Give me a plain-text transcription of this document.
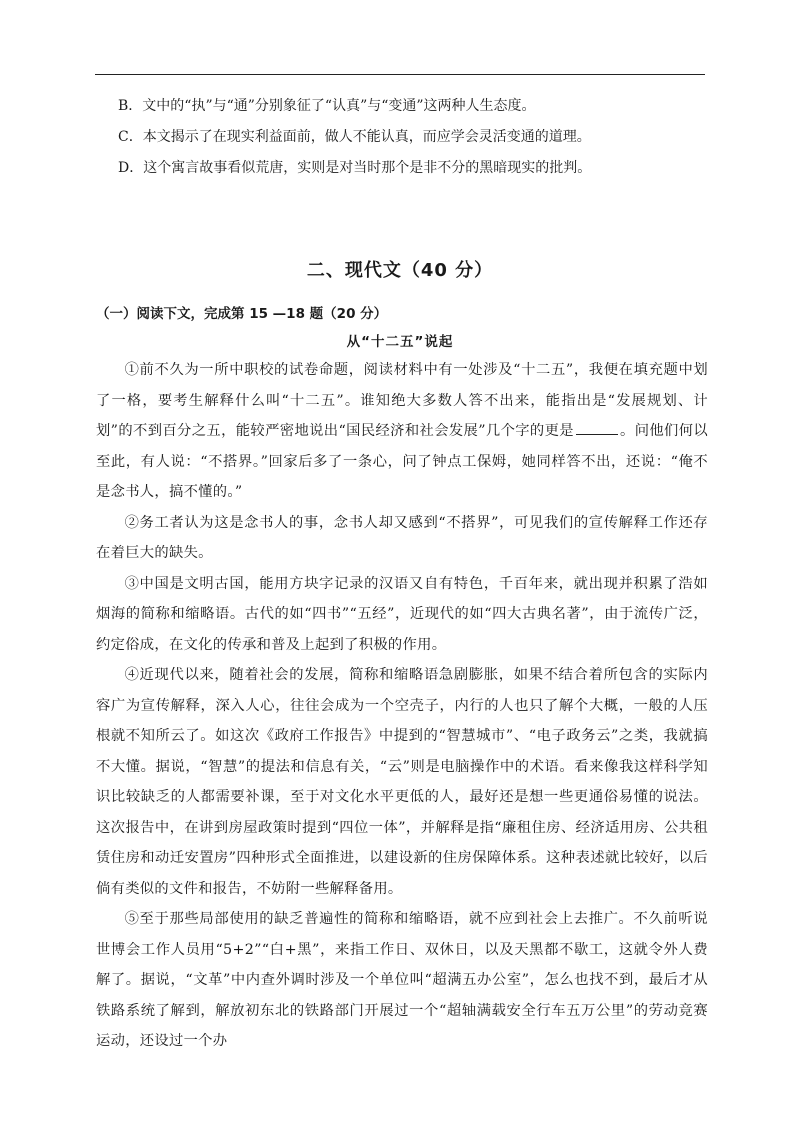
B．文中的“执”与“通”分别象征了“认真”与“变通”这两种人生态度。
C．本文揭示了在现实利益面前，做人不能认真，而应学会灵活变通的道理。
D．这个寓言故事看似荒唐，实则是对当时那个是非不分的黑暗现实的批判。
二、现代文（40 分）
（一）阅读下文，完成第 15 —18 题（20 分）
从“十二五”说起

①前不久为一所中职校的试卷命题，阅读材料中有一处涉及“十二五”，我便在填充题中划了一格，要考生解释什么叫“十二五”。谁知绝大多数人答不出来，能指出是“发展规划、计划”的不到百分之五，能较严密地说出“国民经济和社会发展”几个字的更是	。问他们何以至此，有人说：“不搭界。”回家后多了一条心，问了钟点工保姆，她同样答不出，还说：“俺不是念书人，搞不懂的。”

②务工者认为这是念书人的事，念书人却又感到“不搭界”，可见我们的宣传解释工作还存在着巨大的缺失。

③中国是文明古国，能用方块字记录的汉语又自有特色，千百年来，就出现并积累了浩如烟海的简称和缩略语。古代的如“四书”“五经”，近现代的如“四大古典名著”，由于流传广泛，约定俗成，在文化的传承和普及上起到了积极的作用。

④近现代以来，随着社会的发展，简称和缩略语急剧膨胀，如果不结合着所包含的实际内容广为宣传解释，深入人心，往往会成为一个空壳子，内行的人也只了解个大概，一般的人压根就不知所云了。如这次《政府工作报告》中提到的“智慧城市”、“电子政务云”之类，我就搞不大懂。据说，“智慧”的提法和信息有关，“云”则是电脑操作中的术语。看来像我这样科学知识比较缺乏的人都需要补课，至于对文化水平更低的人，最好还是想一些更通俗易懂的说法。这次报告中，在讲到房屋政策时提到“四位一体”，并解释是指“廉租住房、经济适用房、公共租赁住房和动迁安置房”四种形式全面推进，以建设新的住房保障体系。这种表述就比较好，以后倘有类似的文件和报告，不妨附一些解释备用。

⑤至于那些局部使用的缺乏普遍性的简称和缩略语，就不应到社会上去推广。不久前听说世博会工作人员用“5+2”“白+黑”，来指工作日、双休日，以及天黑都不歇工，这就令外人费解了。据说，“文革”中内查外调时涉及一个单位叫“超满五办公室”，怎么也找不到，最后才从铁路系统了解到，解放初东北的铁路部门开展过一个“超轴满载安全行车五万公里”的劳动竞赛运动，还设过一个办
